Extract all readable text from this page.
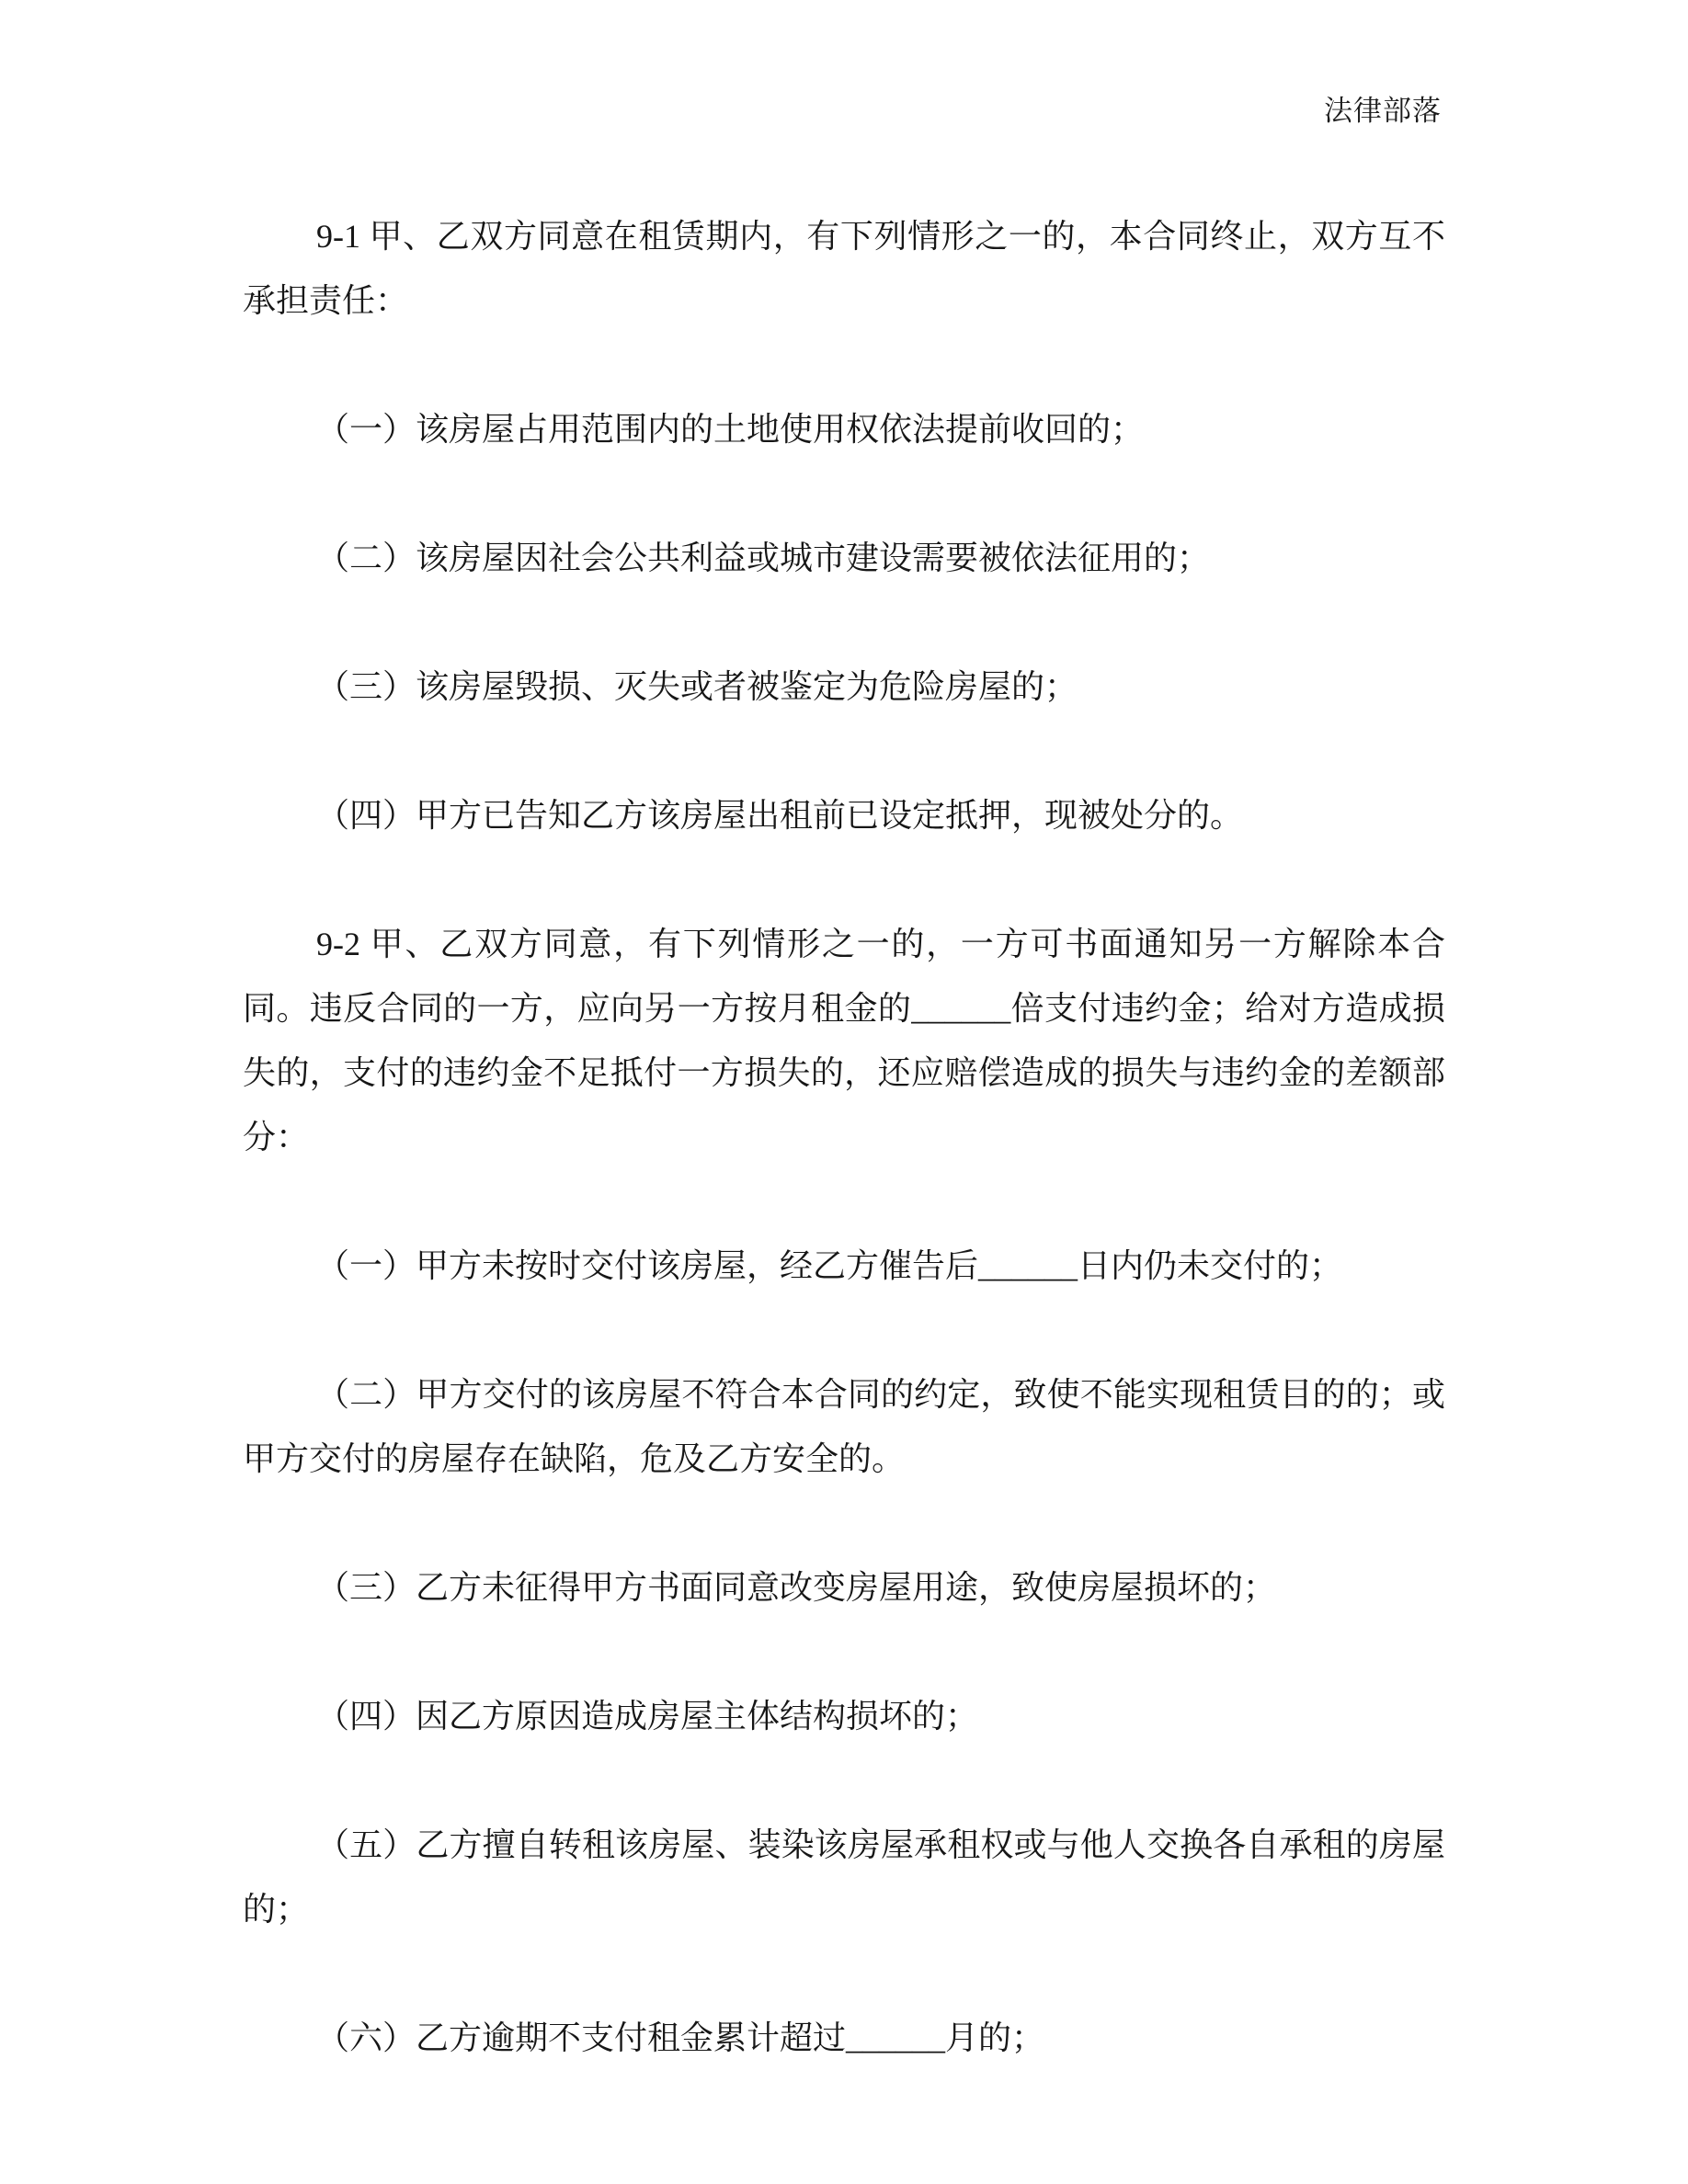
法律部落

9-1 甲、乙双方同意在租赁期内，有下列情形之一的，本合同终止，双方互不承担责任：

（一）该房屋占用范围内的土地使用权依法提前收回的；

（二）该房屋因社会公共利益或城市建设需要被依法征用的；

（三）该房屋毁损、灭失或者被鉴定为危险房屋的；

（四）甲方已告知乙方该房屋出租前已设定抵押，现被处分的。

9-2 甲、乙双方同意，有下列情形之一的，一方可书面通知另一方解除本合同。违反合同的一方，应向另一方按月租金的______倍支付违约金；给对方造成损失的，支付的违约金不足抵付一方损失的，还应赔偿造成的损失与违约金的差额部分：

（一）甲方未按时交付该房屋，经乙方催告后______日内仍未交付的；

（二）甲方交付的该房屋不符合本合同的约定，致使不能实现租赁目的的；或甲方交付的房屋存在缺陷，危及乙方安全的。

（三）乙方未征得甲方书面同意改变房屋用途，致使房屋损坏的；

（四）因乙方原因造成房屋主体结构损坏的；

（五）乙方擅自转租该房屋、装染该房屋承租权或与他人交换各自承租的房屋的；

（六）乙方逾期不支付租金累计超过______月的；
